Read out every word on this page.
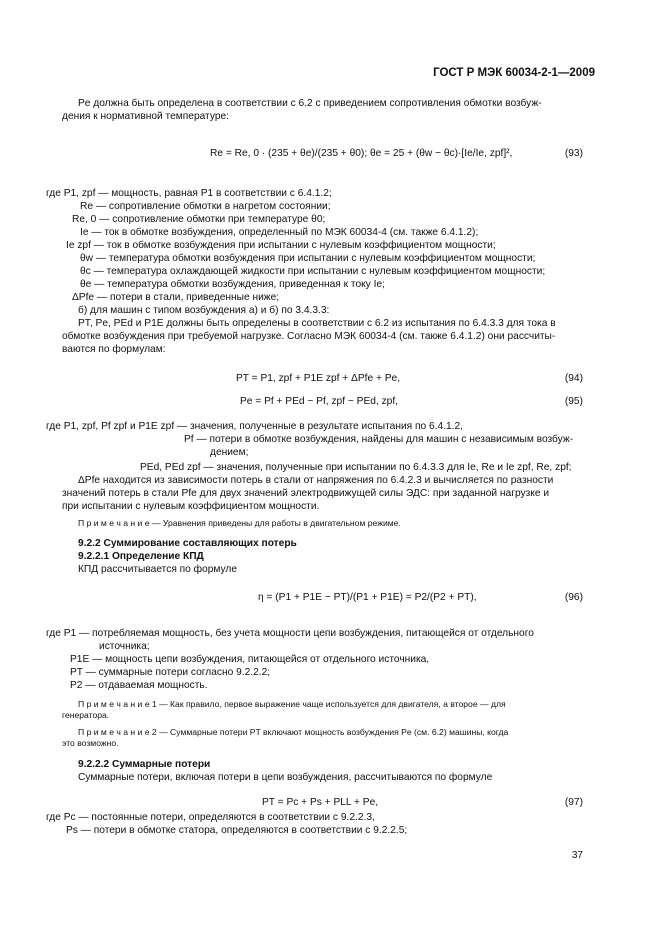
ГОСТ Р МЭК 60034-2-1—2009
Pe должна быть определена в соответствии с 6.2 с приведением сопротивления обмотки возбуж-
дения к нормативной температуре:
Re = Re, 0 · (235 + θe)/(235 + θ0); θe = 25 + (θw − θc)·[Ie/Ie, zpf]²,	(93)
где P1, zpf — мощность, равная P1 в соответствии с 6.4.1.2;
Re — сопротивление обмотки в нагретом состоянии;
Re, 0 — сопротивление обмотки при температуре θ0;
Ie — ток в обмотке возбуждения, определенный по МЭК 60034-4 (см. также 6.4.1.2);
Ie zpf — ток в обмотке возбуждения при испытании с нулевым коэффициентом мощности;
θw — температура обмотки возбуждения при испытании с нулевым коэффициентом мощности;
θc — температура охлаждающей жидкости при испытании с нулевым коэффициентом мощности;
θe — температура обмотки возбуждения, приведенная к току Ie;
ΔPfe — потери в стали, приведенные ниже;
б) для машин с типом возбуждения а) и б) по 3.4.3.3:
PT, Pe, PEd и P1E должны быть определены в соответствии с 6.2 из испытания по 6.4.3.3 для тока в
обмотке возбуждения при требуемой нагрузке. Согласно МЭК 60034-4 (см. также 6.4.1.2) они рассчиты-
ваются по формулам:
PT = P1, zpf + P1E zpf + ΔPfe + Pe,	(94)
Pe = Pf + PEd − Pf, zpf − PEd, zpf,	(95)
где P1, zpf, Pf zpf и P1E zpf — значения, полученные в результате испытания по 6.4.1.2,
Pf — потери в обмотке возбуждения, найдены для машин с независимым возбуж-
дением;
PEd, PEd zpf — значения, полученные при испытании по 6.4.3.3 для Ie, Re и Ie zpf, Re, zpf;
ΔPfe находится из зависимости потерь в стали от напряжения по 6.4.2.3 и вычисляется по разности
значений потерь в стали Pfe для двух значений электродвижущей силы ЭДС: при заданной нагрузке и
при испытании с нулевым коэффициентом мощности.
П р и м е ч а н и е — Уравнения приведены для работы в двигательном режиме.
9.2.2 Суммирование составляющих потерь
9.2.2.1 Определение КПД
КПД рассчитывается по формуле
η = (P1 + P1E − PT)/(P1 + P1E) = P2/(P2 + PT),	(96)
где P1 — потребляемая мощность, без учета мощности цепи возбуждения, питающейся от отдельного
источника;
P1E — мощность цепи возбуждения, питающейся от отдельного источника,
PT — суммарные потери согласно 9.2.2.2;
P2 — отдаваемая мощность.
П р и м е ч а н и е 1 — Как правило, первое выражение чаще используется для двигателя, а второе — для
генератора.
П р и м е ч а н и е 2 — Суммарные потери PT включают мощность возбуждения Pe (см. 6.2) машины, когда
это возможно.
9.2.2.2 Суммарные потери
Суммарные потери, включая потери в цепи возбуждения, рассчитываются по формуле
PT = Pc + Ps + PLL + Pe,	(97)
где Pc — постоянные потери, определяются в соответствии с 9.2.2.3,
Ps — потери в обмотке статора, определяются в соответствии с 9.2.2.5;
37
